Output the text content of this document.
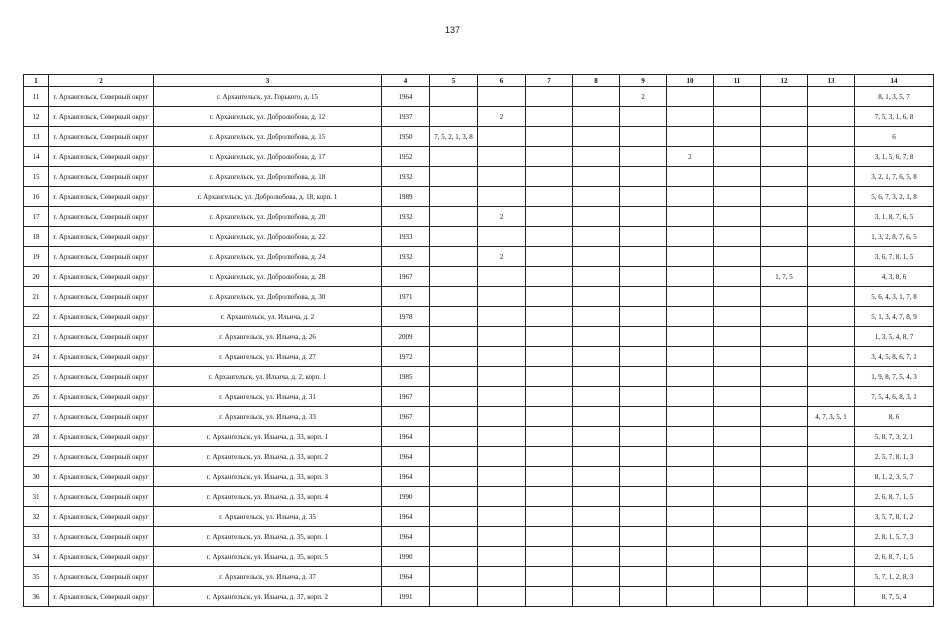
137
1	2	3	4	5	6	7	8	9	10	11	12	13	14
11	г. Архангельск, Северный округ	г. Архангельск, ул. Горького, д. 15	1964					2					8, 1, 3, 5, 7
12	г. Архангельск, Северный округ	г. Архангельск, ул. Добролюбова, д. 12	1937		2								7, 5, 3, 1, 6, 8
13	г. Архангельск, Северный округ	г. Архангельск, ул. Добролюбова, д. 15	1950	7, 5, 2, 1, 3, 8									6
14	г. Архангельск, Северный округ	г. Архангельск, ул. Добролюбова, д. 17	1952						2				3, 1, 5, 6, 7, 8
15	г. Архангельск, Северный округ	г. Архангельск, ул. Добролюбова, д. 18	1932										3, 2, 1, 7, 6, 5, 8
16	г. Архангельск, Северный округ	г. Архангельск, ул. Добролюбова, д. 18, корп. 1	1989										5, 6, 7, 3, 2, 1, 8
17	г. Архангельск, Северный округ	г. Архангельск, ул. Добролюбова, д. 20	1932		2								3, 1, 8, 7, 6, 5
18	г. Архангельск, Северный округ	г. Архангельск, ул. Добролюбова, д. 22	1933										1, 3, 2, 8, 7, 6, 5
19	г. Архангельск, Северный округ	г. Архангельск, ул. Добролюбова, д. 24	1932		2								3, 6, 7, 8, 1, 5
20	г. Архангельск, Северный округ	г. Архангельск, ул. Добролюбова, д. 28	1967								1, 7, 5		4, 3, 8, 6
21	г. Архангельск, Северный округ	г. Архангельск, ул. Добролюбова, д. 30	1971										5, 6, 4, 3, 1, 7, 8
22	г. Архангельск, Северный округ	г. Архангельск, ул. Ильича, д. 2	1978										5, 1, 3, 4, 7, 8, 9
23	г. Архангельск, Северный округ	г. Архангельск, ул. Ильича, д. 26	2009										1, 3, 5, 4, 8, 7
24	г. Архангельск, Северный округ	г. Архангельск, ул. Ильича, д. 27	1972										3, 4, 5, 8, 6, 7, 1
25	г. Архангельск, Северный округ	г. Архангельск, ул. Ильича, д. 2, корп. 1	1985										1, 9, 8, 7, 5, 4, 3
26	г. Архангельск, Северный округ	г. Архангельск, ул. Ильича, д. 31	1967										7, 5, 4, 6, 8, 3, 1
27	г. Архангельск, Северный округ	г. Архангельск, ул. Ильича, д. 33	1967									4, 7, 3, 5, 1	8, 6
28	г. Архангельск, Северный округ	г. Архангельск, ул. Ильича, д. 33, корп. 1	1964										5, 8, 7, 3, 2, 1
29	г. Архангельск, Северный округ	г. Архангельск, ул. Ильича, д. 33, корп. 2	1964										2, 5, 7, 8, 1, 3
30	г. Архангельск, Северный округ	г. Архангельск, ул. Ильича, д. 33, корп. 3	1964										8, 1, 2, 3, 5, 7
31	г. Архангельск, Северный округ	г. Архангельск, ул. Ильича, д. 33, корп. 4	1990										2, 6, 8, 7, 1, 5
32	г. Архангельск, Северный округ	г. Архангельск, ул. Ильича, д. 35	1964										3, 5, 7, 8, 1, 2
33	г. Архангельск, Северный округ	г. Архангельск, ул. Ильича, д. 35, корп. 1	1964										2, 8, 1, 5, 7, 3
34	г. Архангельск, Северный округ	г. Архангельск, ул. Ильича, д. 35, корп. 5	1990										2, 6, 8, 7, 1, 5
35	г. Архангельск, Северный округ	г. Архангельск, ул. Ильича, д. 37	1964										5, 7, 1, 2, 8, 3
36	г. Архангельск, Северный округ	г. Архангельск, ул. Ильича, д. 37, корп. 2	1991										8, 7, 5, 4
